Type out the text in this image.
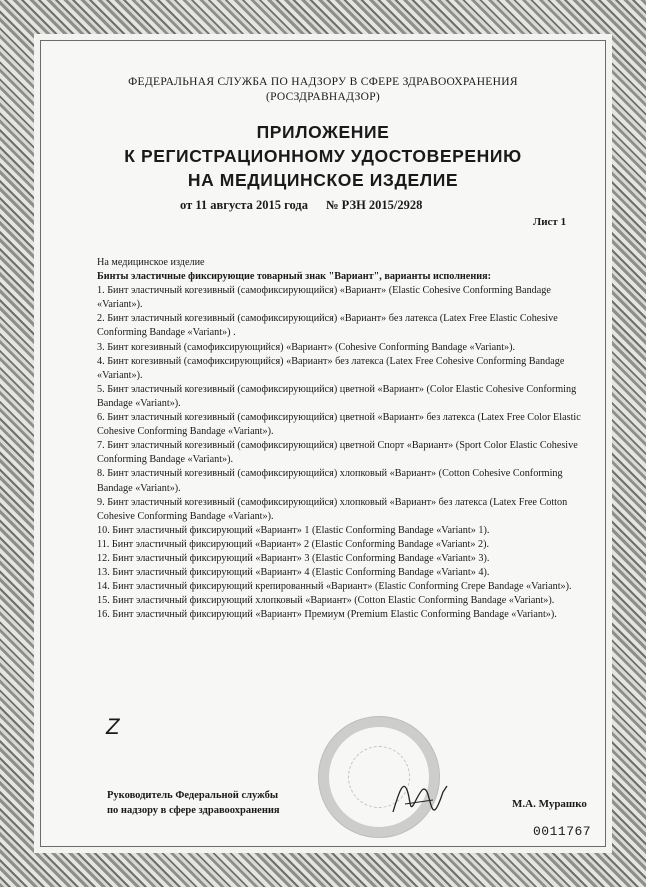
ФЕДЕРАЛЬНАЯ СЛУЖБА ПО НАДЗОРУ В СФЕРЕ ЗДРАВООХРАНЕНИЯ
(РОСЗДРАВНАДЗОР)
ПРИЛОЖЕНИЕ
К РЕГИСТРАЦИОННОМУ УДОСТОВЕРЕНИЮ
НА МЕДИЦИНСКОЕ ИЗДЕЛИЕ
от 11 августа 2015 года № РЗН 2015/2928
Лист 1

На медицинское изделие

Бинты эластичные фиксирующие товарный знак "Вариант", варианты исполнения:

1. Бинт эластичный когезивный (самофиксирующийся) «Вариант» (Elastic Cohesive Conforming Bandage «Variant»).
2. Бинт эластичный когезивный (самофиксирующийся) «Вариант» без латекса (Latex Free Elastic Cohesive Conforming Bandage «Variant») .
3. Бинт когезивный (самофиксирующийся) «Вариант» (Cohesive Conforming Bandage «Variant»).
4. Бинт когезивный (самофиксирующийся) «Вариант» без латекса (Latex Free Cohesive Conforming Bandage «Variant»).
5. Бинт эластичный когезивный (самофиксирующийся) цветной «Вариант» (Color Elastic Cohesive Conforming Bandage «Variant»).
6. Бинт эластичный когезивный (самофиксирующийся) цветной «Вариант» без латекса (Latex Free Color Elastic Cohesive Conforming Bandage «Variant»).
7. Бинт эластичный когезивный (самофиксирующийся) цветной Спорт «Вариант» (Sport Color Elastic Cohesive Conforming Bandage «Variant»).
8. Бинт эластичный когезивный (самофиксирующийся) хлопковый «Вариант» (Cotton Cohesive Conforming Bandage «Variant»).
9. Бинт эластичный когезивный (самофиксирующийся) хлопковый «Вариант» без латекса (Latex Free Cotton Cohesive Conforming Bandage «Variant»).
10. Бинт эластичный фиксирующий «Вариант» 1 (Elastic Conforming Bandage «Variant» 1).
11. Бинт эластичный фиксирующий «Вариант» 2 (Elastic Conforming Bandage «Variant» 2).
12. Бинт эластичный фиксирующий «Вариант» 3 (Elastic Conforming Bandage «Variant» 3).
13. Бинт эластичный фиксирующий «Вариант» 4 (Elastic Conforming Bandage «Variant» 4).
14. Бинт эластичный фиксирующий крепированный «Вариант» (Elastic Conforming Crepe Bandage «Variant»).
15. Бинт эластичный фиксирующий хлопковый «Вариант» (Cotton Elastic Conforming Bandage «Variant»).
16. Бинт эластичный фиксирующий «Вариант» Премиум (Premium Elastic Conforming Bandage «Variant»).
Z
Руководитель Федеральной службы
по надзору в сфере здравоохранения
М.А. Мурашко
0011767
